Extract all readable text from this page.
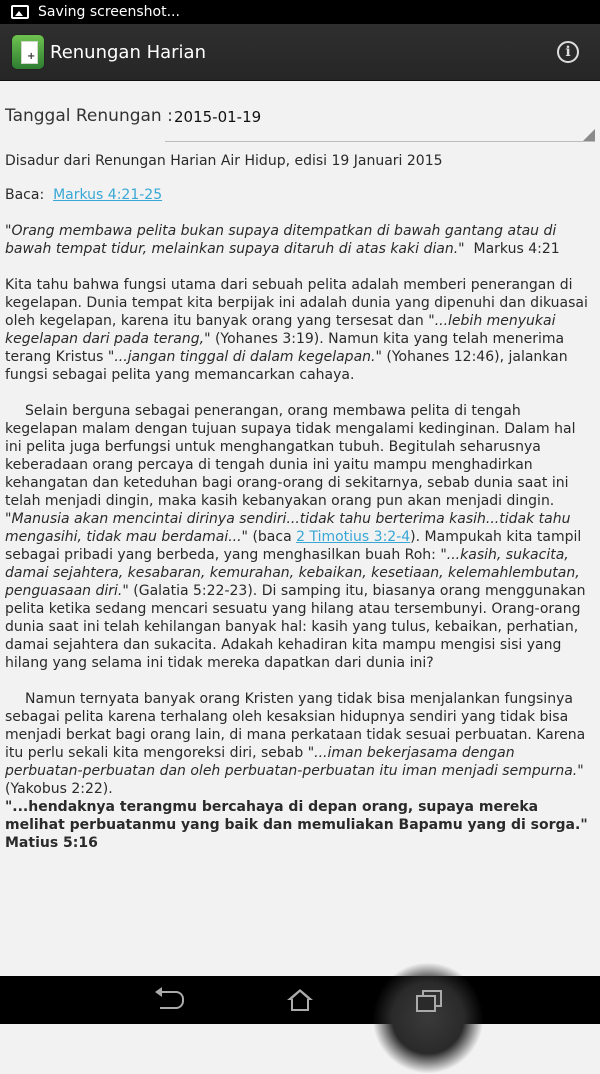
Saving screenshot...
+
Renungan Harian	i
Tanggal Renungan : 2015-01-19

Disadur dari Renungan Harian Air Hidup, edisi 19 Januari 2015

Baca: Markus 4:21-25

"Orang membawa pelita bukan supaya ditempatkan di bawah gantang atau di bawah tempat tidur, melainkan supaya ditaruh di atas kaki dian." Markus 4:21

Kita tahu bahwa fungsi utama dari sebuah pelita adalah memberi penerangan di kegelapan. Dunia tempat kita berpijak ini adalah dunia yang dipenuhi dan dikuasai oleh kegelapan, karena itu banyak orang yang tersesat dan "...lebih menyukai kegelapan dari pada terang," (Yohanes 3:19). Namun kita yang telah menerima terang Kristus "...jangan tinggal di dalam kegelapan." (Yohanes 12:46), jalankan fungsi sebagai pelita yang memancarkan cahaya.

Selain berguna sebagai penerangan, orang membawa pelita di tengah kegelapan malam dengan tujuan supaya tidak mengalami kedinginan. Dalam hal ini pelita juga berfungsi untuk menghangatkan tubuh. Begitulah seharusnya keberadaan orang percaya di tengah dunia ini yaitu mampu menghadirkan kehangatan dan keteduhan bagi orang-orang di sekitarnya, sebab dunia saat ini telah menjadi dingin, maka kasih kebanyakan orang pun akan menjadi dingin. "Manusia akan mencintai dirinya sendiri...tidak tahu berterima kasih...tidak tahu mengasihi, tidak mau berdamai..." (baca 2 Timotius 3:2-4). Mampukah kita tampil sebagai pribadi yang berbeda, yang menghasilkan buah Roh: "...kasih, sukacita, damai sejahtera, kesabaran, kemurahan, kebaikan, kesetiaan, kelemahlembutan, penguasaan diri." (Galatia 5:22-23). Di samping itu, biasanya orang menggunakan pelita ketika sedang mencari sesuatu yang hilang atau tersembunyi. Orang-orang dunia saat ini telah kehilangan banyak hal: kasih yang tulus, kebaikan, perhatian, damai sejahtera dan sukacita. Adakah kehadiran kita mampu mengisi sisi yang hilang yang selama ini tidak mereka dapatkan dari dunia ini?

Namun ternyata banyak orang Kristen yang tidak bisa menjalankan fungsinya sebagai pelita karena terhalang oleh kesaksian hidupnya sendiri yang tidak bisa menjadi berkat bagi orang lain, di mana perkataan tidak sesuai perbuatan. Karena itu perlu sekali kita mengoreksi diri, sebab "...iman bekerjasama dengan perbuatan-perbuatan dan oleh perbuatan-perbuatan itu iman menjadi sempurna." (Yakobus 2:22).

"...hendaknya terangmu bercahaya di depan orang, supaya mereka melihat perbuatanmu yang baik dan memuliakan Bapamu yang di sorga."  Matius 5:16
